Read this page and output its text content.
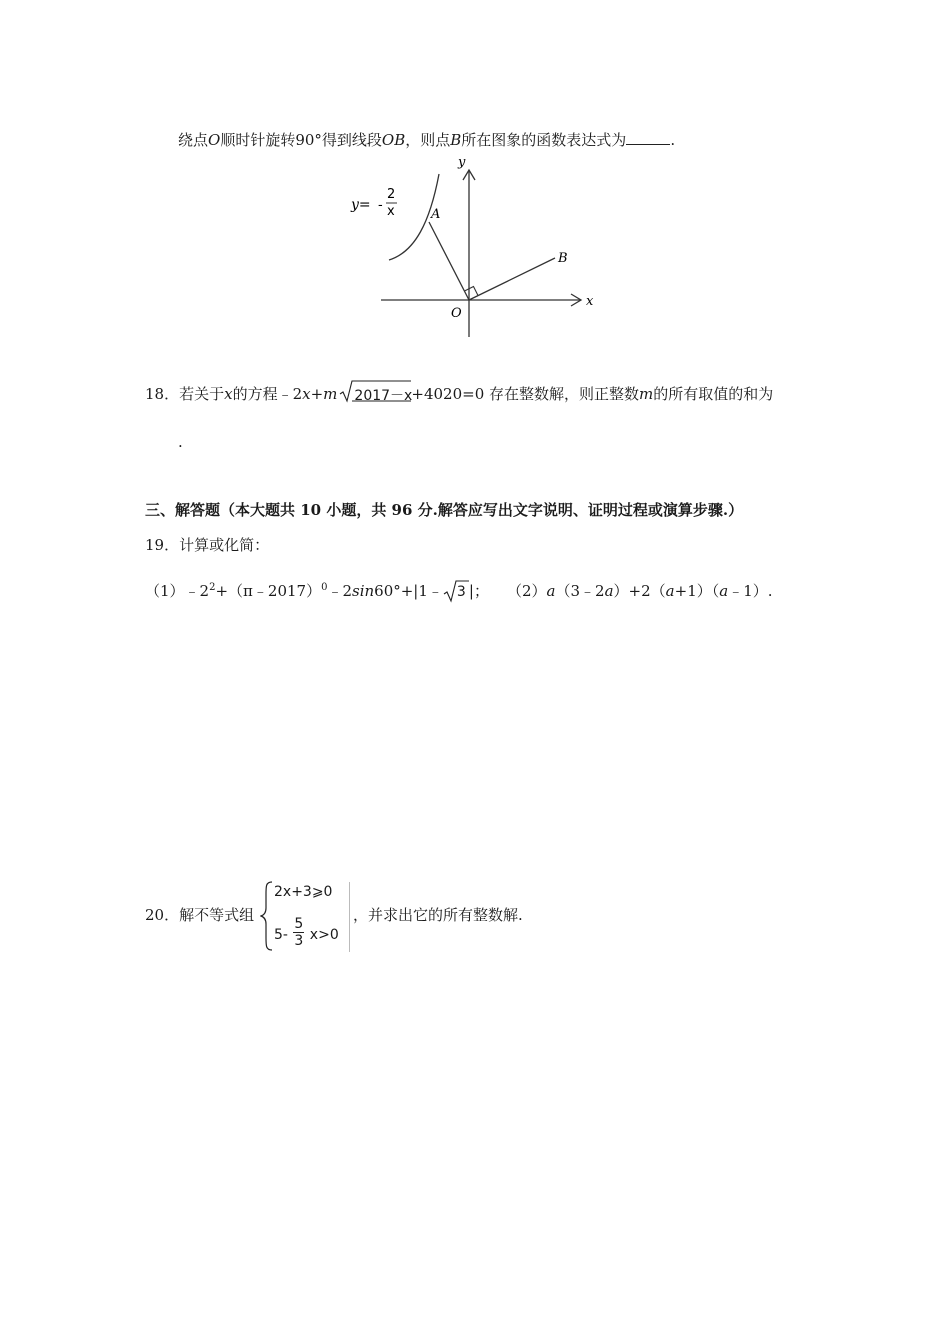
绕点O顺时针旋转90°得到线段OB，则点B所在图象的函数表达式为	.
y= -
2
x	A
B
O
x
y
18．若关于x的方程﹣2x+m 2017－x+4020=0 存在整数解，则正整数m的所有取值的和为
.
三、解答题（本大题共 10 小题，共 96 分.解答应写出文字说明、证明过程或演算步骤.）
19．计算或化简：
$(1)﹣2^2+(\pi﹣2017)^0﹣2\sin 60^\circ+|1﹣$ 3 |； （2）a（3﹣2a）+2（a+1）（a﹣1）.
20．解不等式组
2x+3⩾0
$5- \frac{5}{3} x>0$
，并求出它的所有整数解.
